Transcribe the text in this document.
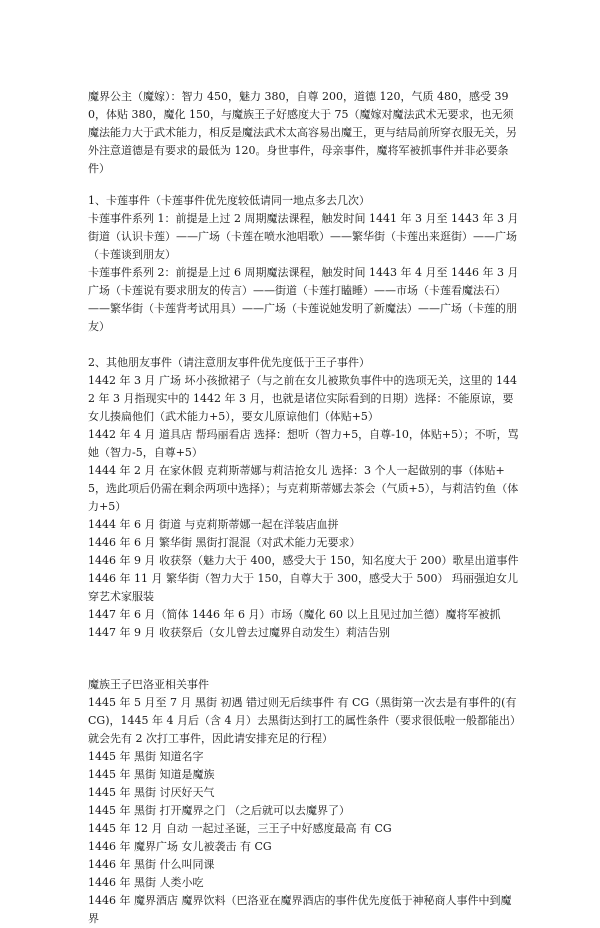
魔界公主（魔嫁）：智力 450，魅力 380，自尊 200，道德 120，气质 480，感受 390，体贴 380，魔化 150，与魔族王子好感度大于 75（魔嫁对魔法武术无要求，也无须魔法能力大于武术能力，相反是魔法武术太高容易出魔王，更与结局前所穿衣服无关，另外注意道德是有要求的最低为 120。身世事件，母亲事件，魔将军被抓事件并非必要条件）

1、卡莲事件（卡莲事件优先度较低请同一地点多去几次）

卡莲事件系列 1：前提是上过 2 周期魔法课程，触发时间 1441 年 3 月至 1443 年 3 月

街道（认识卡莲）——广场（卡莲在喷水池唱歌）——繁华街（卡莲出来逛街）——广场（卡莲谈到朋友）

卡莲事件系列 2：前提是上过 6 周期魔法课程，触发时间 1443 年 4 月至 1446 年 3 月

广场（卡莲说有要求朋友的传言）——街道（卡莲打瞌睡）——市场（卡莲看魔法石）——繁华街（卡莲背考试用具）——广场（卡莲说她发明了新魔法）——广场（卡莲的朋友）

2、其他朋友事件（请注意朋友事件优先度低于王子事件）

1442 年 3 月 广场 坏小孩掀裙子（与之前在女儿被欺负事件中的选项无关，这里的 1442 年 3 月指现实中的 1442 年 3 月，也就是诸位实际看到的日期）选择：不能原谅，要女儿揍扁他们（武术能力+5），要女儿原谅他们（体贴+5）

1442 年 4 月 道具店 帮玛丽看店 选择：想听（智力+5，自尊-10，体贴+5）；不听，骂她（智力-5，自尊+5）

1444 年 2 月 在家休假 克莉斯蒂娜与莉洁抢女儿 选择：3 个人一起做别的事（体贴+5，选此项后仍需在剩余两项中选择）；与克莉斯蒂娜去茶会（气质+5），与莉洁钓鱼（体力+5）

1444 年 6 月 街道 与克莉斯蒂娜一起在洋装店血拼

1446 年 6 月 繁华街 黑街打混混（对武术能力无要求）

1446 年 9 月 收获祭（魅力大于 400，感受大于 150，知名度大于 200）歌星出道事件

1446 年 11 月 繁华街（智力大于 150，自尊大于 300，感受大于 500） 玛丽强迫女儿穿艺术家服装

1447 年 6 月（简体 1446 年 6 月）市场（魔化 60 以上且见过加兰德）魔将军被抓

1447 年 9 月 收获祭后（女儿曾去过魔界自动发生）莉洁告别

魔族王子巴洛亚相关事件

1445 年 5 月至 7 月 黑街 初遇 错过则无后续事件 有 CG（黑街第一次去是有事件的(有 CG)，1445 年 4 月后（含 4 月）去黑街达到打工的属性条件（要求很低啦一般都能出）就会先有 2 次打工事件，因此请安排充足的行程）

1445 年 黑街 知道名字

1445 年 黑街 知道是魔族

1445 年 黑街 讨厌好天气

1445 年 黑街 打开魔界之门 （之后就可以去魔界了）

1445 年 12 月 自动 一起过圣诞，三王子中好感度最高 有 CG

1446 年 魔界广场 女儿被袭击 有 CG

1446 年 黑街 什么叫同课

1446 年 黑街 人类小吃

1446 年 魔界酒店 魔界饮料（巴洛亚在魔界酒店的事件优先度低于神秘商人事件中到魔界
